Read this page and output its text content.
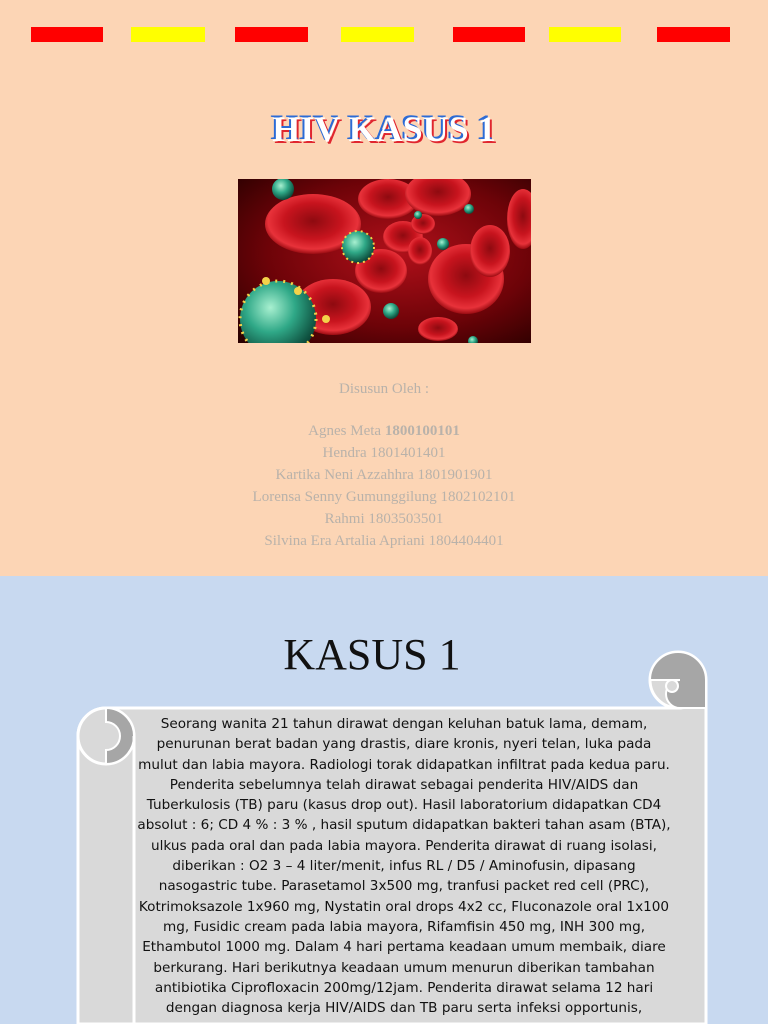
HIV KASUS 1
Disusun Oleh :
Agnes Meta 1800100101
Hendra 1801401401
Kartika Neni Azzahhra 1801901901
Lorensa Senny Gumunggilung 1802102101
Rahmi 1803503501
Silvina Era Artalia Apriani 1804404401
KASUS 1
Seorang wanita 21 tahun dirawat dengan keluhan batuk lama, demam, penurunan berat badan yang drastis, diare kronis, nyeri telan, luka pada mulut dan labia mayora. Radiologi torak didapatkan infiltrat pada kedua paru. Penderita sebelumnya telah dirawat sebagai penderita HIV/AIDS dan Tuberkulosis (TB) paru (kasus drop out). Hasil laboratorium didapatkan CD4 absolut : 6; CD 4 % : 3 % , hasil sputum didapatkan bakteri tahan asam (BTA), ulkus pada oral dan pada labia mayora. Penderita dirawat di ruang isolasi, diberikan : O2 3 – 4 liter/menit, infus RL / D5 / Aminofusin, dipasang nasogastric tube. Parasetamol 3x500 mg, tranfusi packet red cell (PRC), Kotrimoksazole 1x960 mg, Nystatin oral drops 4x2 cc, Fluconazole oral 1x100 mg, Fusidic cream pada labia mayora, Rifamfisin 450 mg, INH 300 mg, Ethambutol 1000 mg. Dalam 4 hari pertama keadaan umum membaik, diare berkurang. Hari berikutnya keadaan umum menurun diberikan tambahan antibiotika Ciprofloxacin 200mg/12jam. Penderita dirawat selama 12 hari dengan diagnosa kerja HIV/AIDS dan TB paru serta infeksi opportunis,
